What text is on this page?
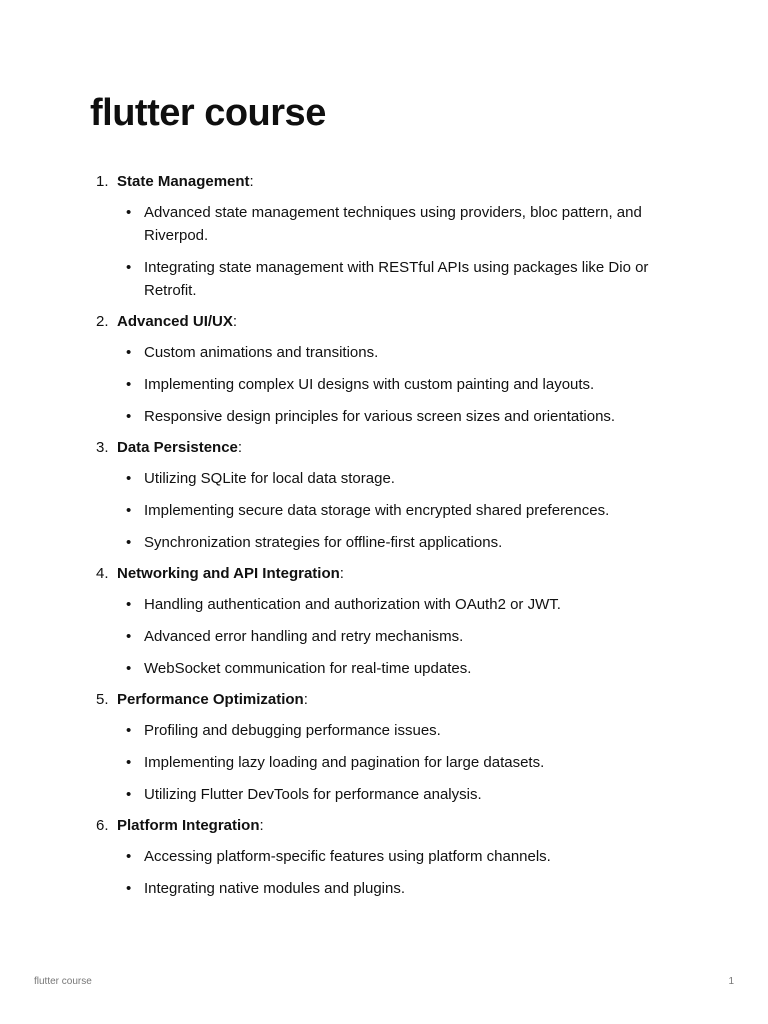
flutter course
1. State Management:
• Advanced state management techniques using providers, bloc pattern, and Riverpod.
• Integrating state management with RESTful APIs using packages like Dio or Retrofit.
2. Advanced UI/UX:
• Custom animations and transitions.
• Implementing complex UI designs with custom painting and layouts.
• Responsive design principles for various screen sizes and orientations.
3. Data Persistence:
• Utilizing SQLite for local data storage.
• Implementing secure data storage with encrypted shared preferences.
• Synchronization strategies for offline-first applications.
4. Networking and API Integration:
• Handling authentication and authorization with OAuth2 or JWT.
• Advanced error handling and retry mechanisms.
• WebSocket communication for real-time updates.
5. Performance Optimization:
• Profiling and debugging performance issues.
• Implementing lazy loading and pagination for large datasets.
• Utilizing Flutter DevTools for performance analysis.
6. Platform Integration:
• Accessing platform-specific features using platform channels.
• Integrating native modules and plugins.
flutter course	1
